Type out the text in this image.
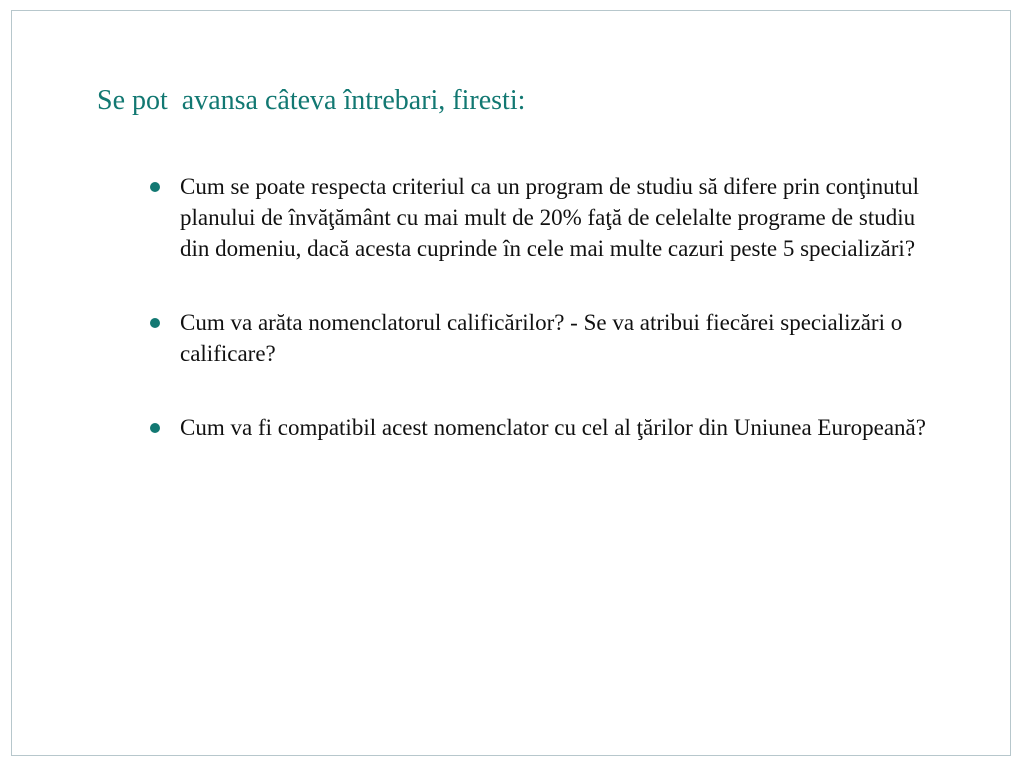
Se pot  avansa câteva întrebari, firesti:
Cum se poate respecta criteriul ca un program de studiu să difere prin conţinutul planului de învăţământ cu mai mult de 20% faţă de celelalte programe de studiu din domeniu, dacă acesta cuprinde în cele mai multe cazuri peste 5 specializări?
Cum va arăta nomenclatorul calificărilor? - Se va atribui fiecărei specializări o calificare?
Cum va fi compatibil acest nomenclator cu cel al ţărilor din Uniunea Europeană?
